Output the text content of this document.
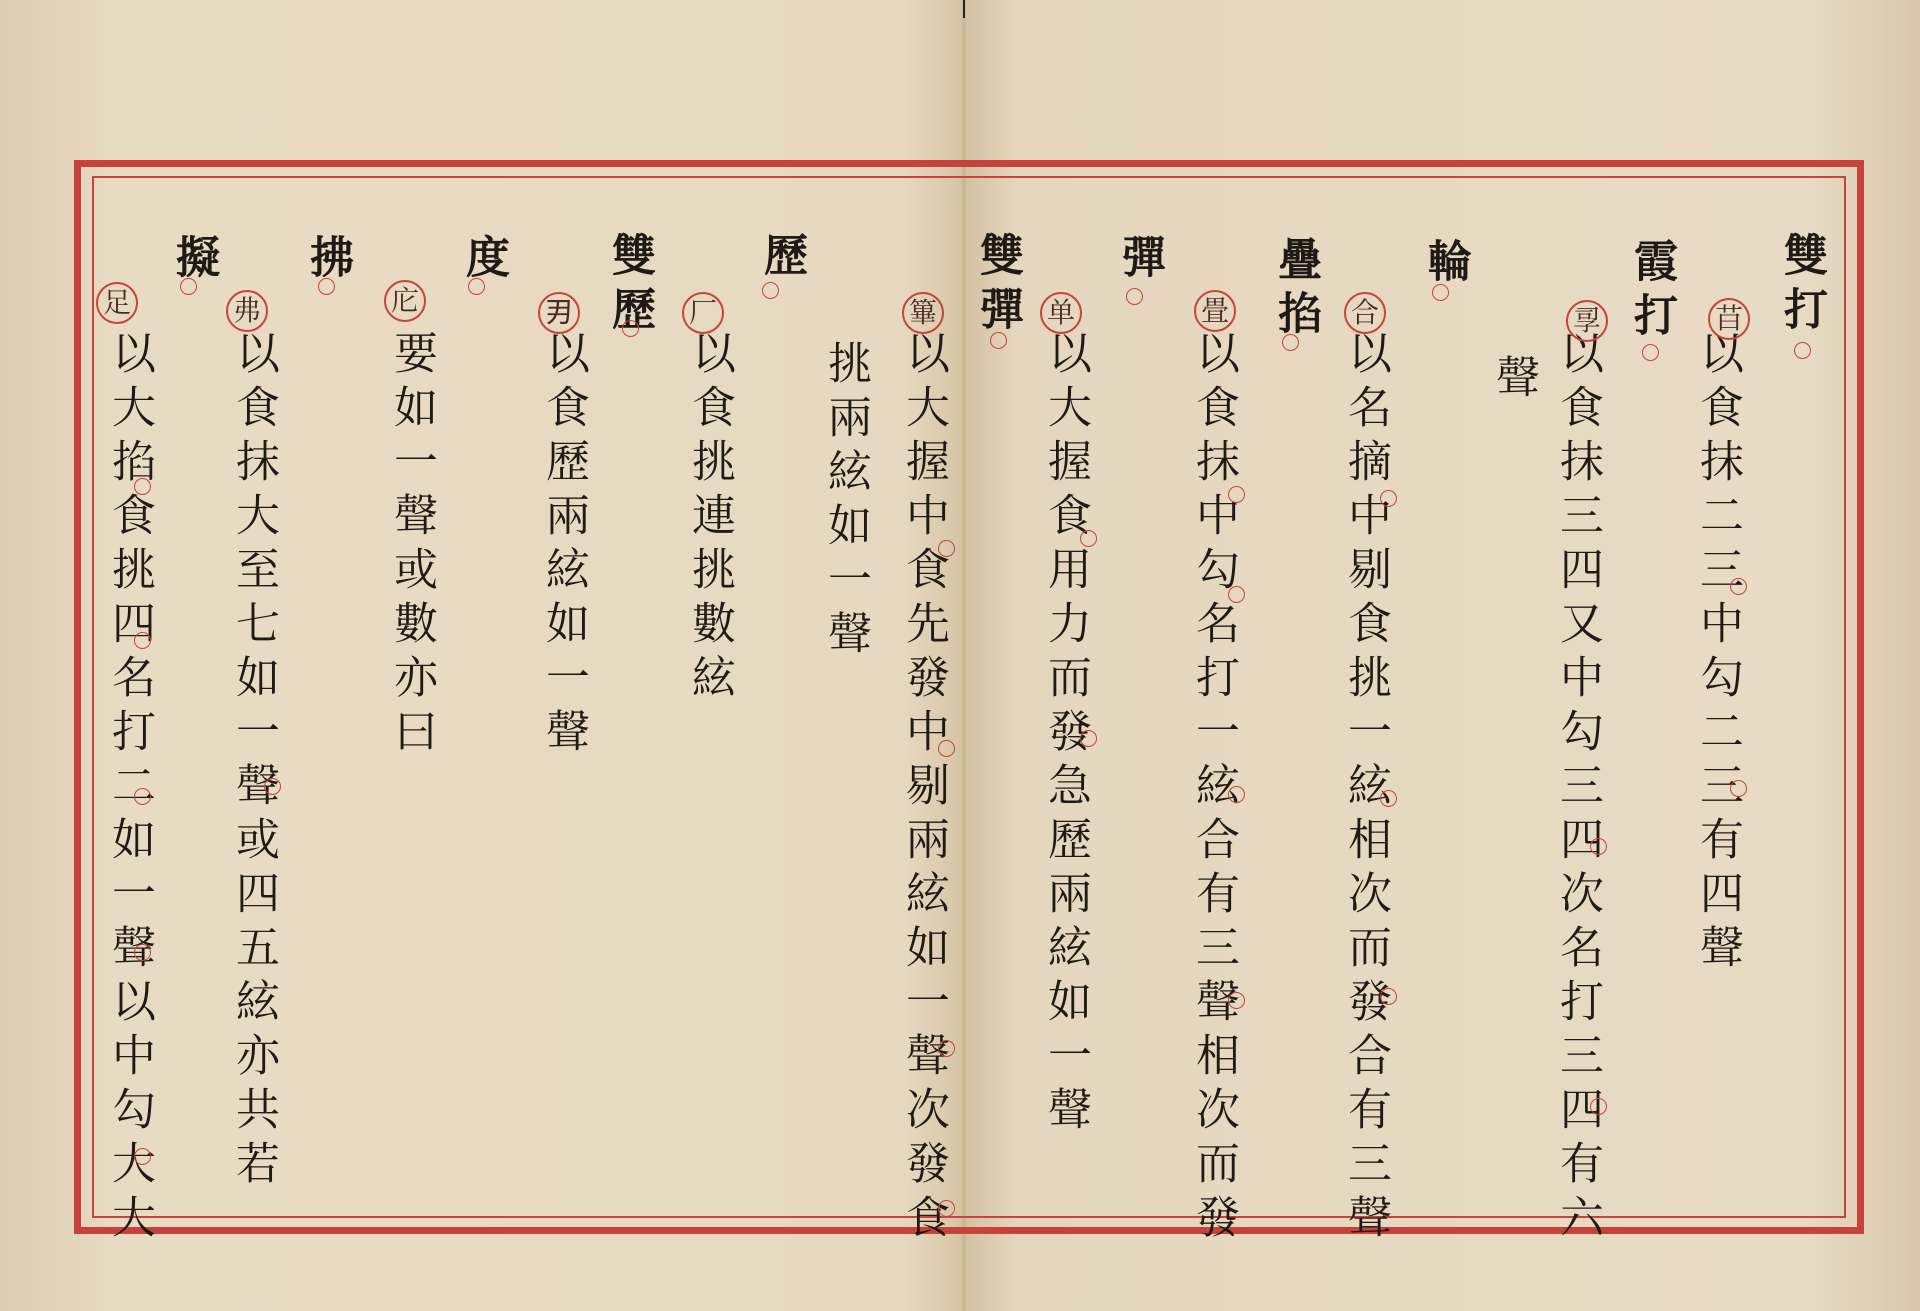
雙打
以食抹二三中勾二三有四聲
霞打
以食抹三四又中勾三四次名打三四有六
聲
輪
以名摘中剔食挑一絃相次而發合有三聲
疊掐
以食抹中勾名打一絃合有三聲相次而發
彈
雙彈
以大握食用力而發急歷兩絃如一聲
以大握中食先發中剔兩絃如一聲次發食
挑兩絃如一聲
歷
以食挑連挑數絃
雙歷
以食歷兩絃如一聲
度
要如一聲或數亦曰
拂
以食抹大至七如一聲或四五絃亦共若
擬
以大掐食挑四名打二如一聲以中勾大大
䒤
孠
合
畳
单
篳
厂
𭃂
庀
弗
足
